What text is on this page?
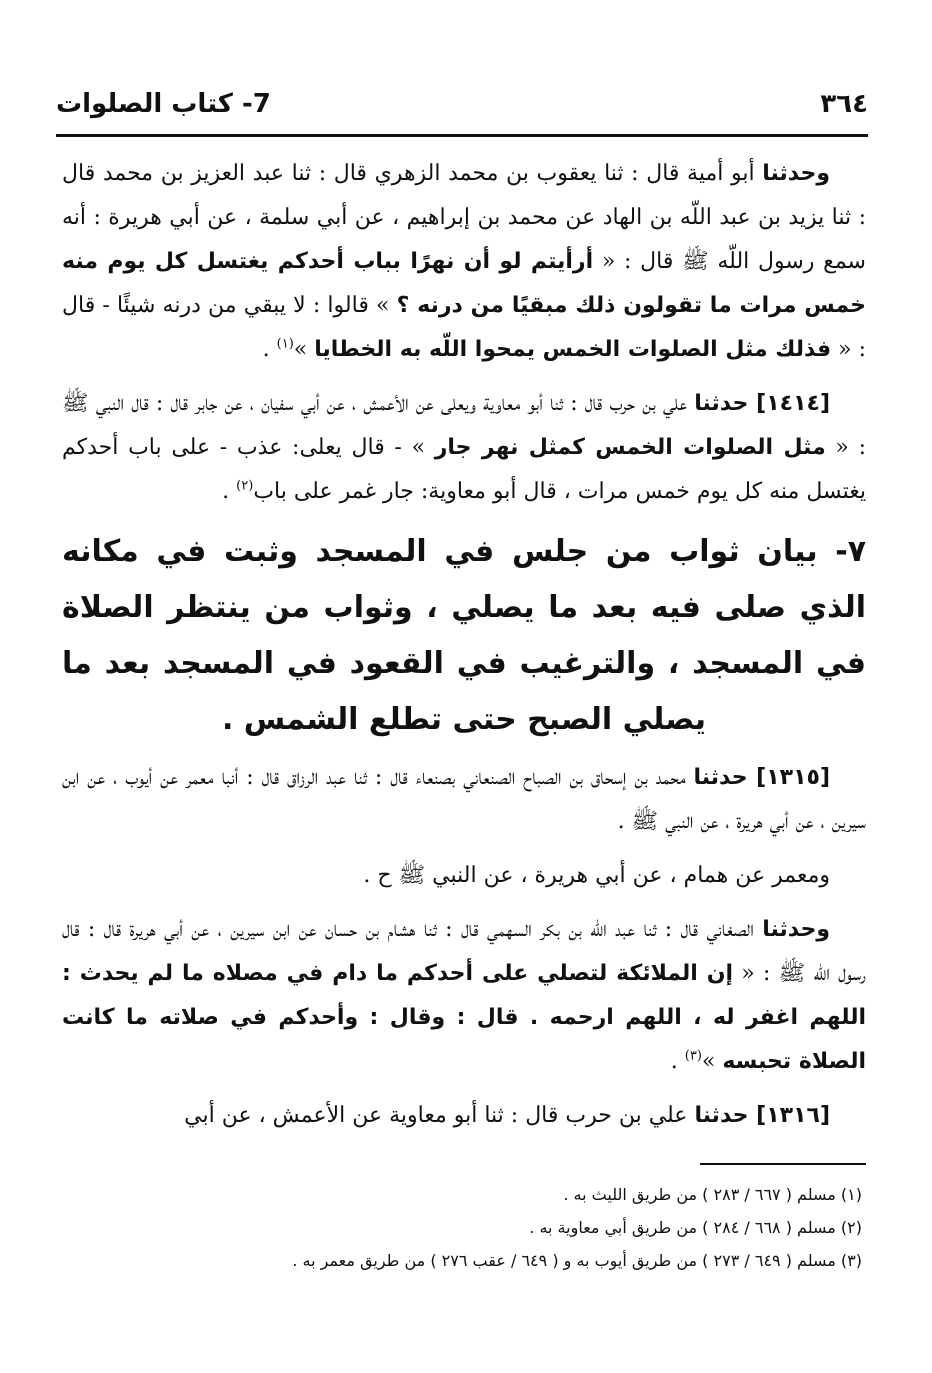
٣٦٤
7- كتاب الصلوات

وحدثنا أبو أمية قال : ثنا يعقوب بن محمد الزهري قال : ثنا عبد العزيز بن محمد قال : ثنا يزيد بن عبد اللّه بن الهاد عن محمد بن إبراهيم ، عن أبي سلمة ، عن أبي هريرة : أنه سمع رسول اللّه ﷺ قال : « أرأيتم لو أن نهرًا بباب أحدكم يغتسل كل يوم منه خمس مرات ما تقولون ذلك مبقيًا من درنه ؟ » قالوا : لا يبقي من درنه شيئًا - قال : « فذلك مثل الصلوات الخمس يمحوا اللّه به الخطايا »$^{(١)}$ .

[١٤١٤] حدثنا علي بن حرب قال : ثنا أبو معاوية ويعلى عن الأعمش ، عن أبي سفيان ، عن جابر قال : قال النبي ﷺ : « مثل الصلوات الخمس كمثل نهر جار » - قال يعلى: عذب - على باب أحدكم يغتسل منه كل يوم خمس مرات ، قال أبو معاوية: جار غمر على باب$^{(٢)}$ .

٧- بيان ثواب من جلس في المسجد وثبت في مكانه الذي صلى فيه بعد ما يصلي ، وثواب من ينتظر الصلاة في المسجد ، والترغيب في القعود في المسجد بعد ما يصلي الصبح حتى تطلع الشمس .

[١٣١٥] حدثنا محمد بن إسحاق بن الصباح الصنعاني بصنعاء قال : ثنا عبد الرزاق قال : أنبا معمر عن أيوب ، عن ابن سيرين ، عن أبي هريرة ، عن النبي ﷺ .

ومعمر عن همام ، عن أبي هريرة ، عن النبي ﷺ ح .

وحدثنا الصغاني قال : ثنا عبد اللّه بن بكر السهمي قال : ثنا هشام بن حسان عن ابن سيرين ، عن أبي هريرة قال : قال رسول اللّه ﷺ : « إن الملائكة لتصلي على أحدكم ما دام في مصلاه ما لم يحدث : اللهم اغفر له ، اللهم ارحمه . قال : وقال : وأحدكم في صلاته ما كانت الصلاة تحبسه »$^{(٣)}$ .

[١٣١٦] حدثنا علي بن حرب قال : ثنا أبو معاوية عن الأعمش ، عن أبي

(١) مسلم ( ٦٦٧ / ٢٨٣ ) من طريق الليث به .
(٢) مسلم ( ٦٦٨ / ٢٨٤ ) من طريق أبي معاوية به .
(٣) مسلم ( ٦٤٩ / ٢٧٣ ) من طريق أيوب به و ( ٦٤٩ / عقب ٢٧٦ ) من طريق معمر به .
